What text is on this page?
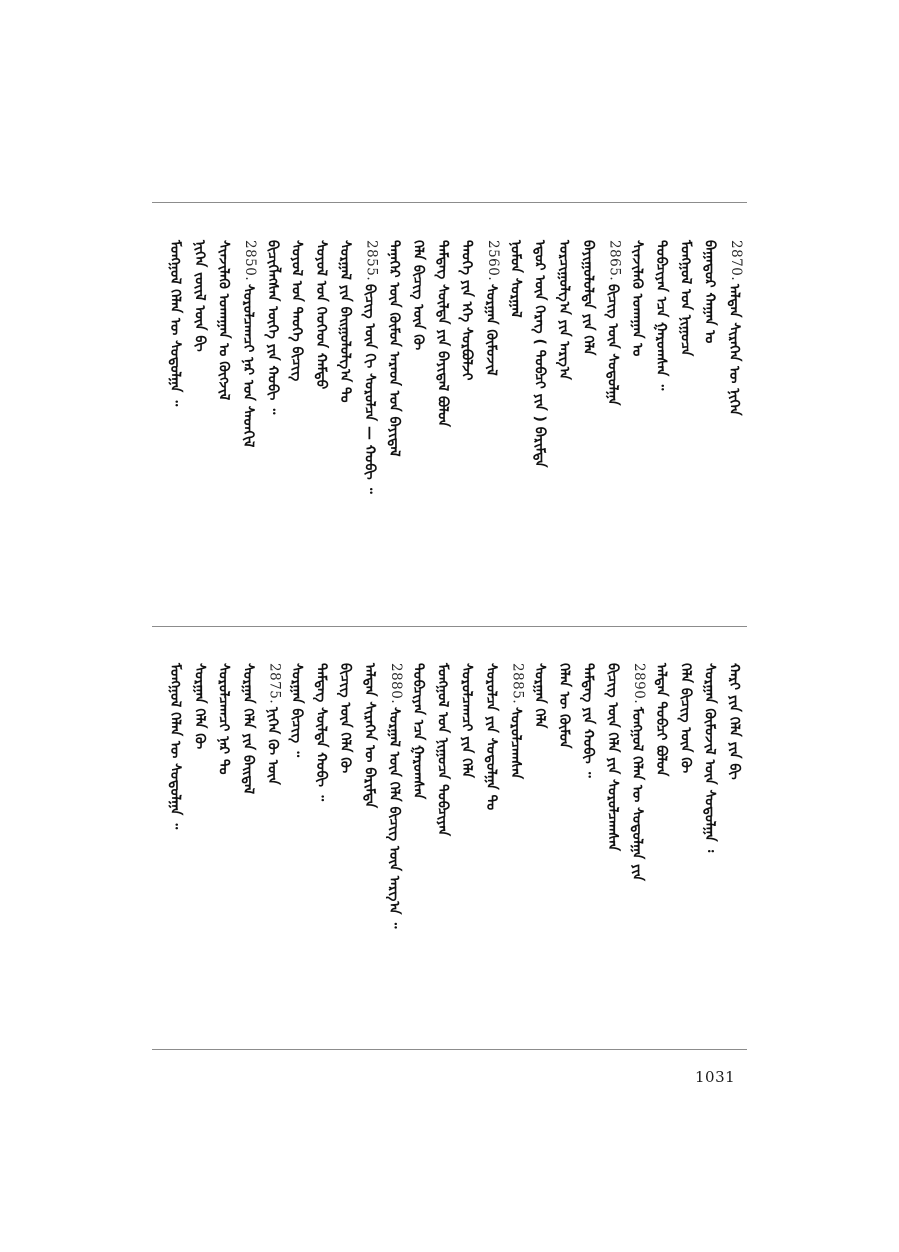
2870.
ᠠᠯᠲᠠᠨ ᠰᠢᠷᠡᠭᠡᠨ ᠦ ᠨᠢᠭᠡᠨ
ᠪᠠᠭᠠᠳᠤᠷ ᠬᠠᠭᠠᠨ ᠤ
ᠮᠣᠩᠭᠣᠯ ᠤᠨ ᠨᠢᠭᠤᠴᠠ
ᠲᠣᠪᠴᠢᠶᠠᠨ ᠡᠴᠡ ᠭᠠᠷᠤᠭᠰᠠᠨ ᠃
ᠰᠢᠨᠵᠢᠯᠡᠬᠦ ᠤᠬᠠᠭᠠᠨ ᠤ
2865.
ᠪᠢᠴᠢᠭ ᠦᠨ ᠰᠤᠳᠤᠯᠭᠠ
ᠪᠠᠶᠢᠭᠤᠯᠤᠯᠲᠠ ᠶᠢᠨ ᠬᠡᠯᠡ
ᠣᠷᠴᠢᠭᠤᠯᠭ᠎ᠠ ᠶᠢᠨ ᠠᠷᠭ᠎ᠠ
ᠡᠳᠦᠷ ᠦᠨ ᠬᠡᠷᠡᠭ ( ᠲᠣᠪᠴᠢ ᠶᠢᠨ ) ᠪᠠᠷᠢᠮᠲᠠ
ᠨᠣᠮᠤᠨ ᠰᠤᠷᠭᠠᠯ
2560.
ᠰᠤᠷᠭᠠᠨ ᠬᠦᠮᠦᠵᠢᠯ
ᠲᠡᠦᠬᠡ ᠶᠢᠨ ᠡᠬᠡ ᠰᠤᠷᠪᠤᠯᠵᠢ
ᠲᠡᠮᠳᠡᠭ ᠰᠦᠯᠳᠡ ᠶᠢᠨ ᠪᠠᠶᠢᠳᠠᠯ ᠪᠣᠯᠤᠨ
ᠬᠡᠯᠡ ᠪᠢᠴᠢᠭ ᠦᠨ ᠬᠦ
ᠲᠡᠨᠡᠭᠡᠷ ᠦᠨ ᠬᠦᠮᠦᠨ ᠠᠷᠠᠳ ᠤᠨ ᠪᠠᠶᠢᠳᠠᠯ
2855.
ᠪᠢᠴᠢᠭ ᠦᠨ ᠬᠢ ᠰᠤᠷᠤᠯᠴᠠ — ᠬᠤᠪᠢ ᠃
ᠰᠤᠷᠭᠠᠯ ᠶᠢᠨ ᠪᠠᠢᠭᠤᠯᠤᠯᠭ᠎ᠠ ᠲᠤ
ᠰᠤᠶᠤᠯ ᠤᠨ ᠬᠡᠦᠬᠡᠳ ᠬᠠᠮᠲᠤ
ᠰᠣᠶᠣᠯ ᠤᠨ ᠲᠡᠦᠬᠡ ᠪᠢᠴᠢᠭ
ᠪᠢᠴᠢᠭᠯᠡᠭᠰᠡᠨ ᠦᠭᠡ ᠶᠢᠨ ᠬᠤᠪᠢ ᠃
2850.
ᠰᠤᠷᠤᠯᠴᠠᠭᠴᠢ ᠨᠠᠷ ᠤᠨ ᠰᠡᠳᠬᠢᠯ
ᠰᠢᠨᠵᠢᠯᠡᠬᠦ ᠤᠬᠠᠭᠠᠨ ᠤ ᠬᠥᠭᠵᠢᠯ
ᠨᠢᠭᠡᠨ ᠵᠦᠢᠯ ᠦᠨ ᠪᠢ
ᠮᠣᠩᠭᠣᠯ ᠬᠡᠯᠡᠨ ᠦ ᠰᠤᠳᠤᠯᠭᠠ ᠃
ᠬᠠᠷᠢ ᠶᠢᠨ ᠬᠡᠯᠡ ᠶᠢᠨ ᠪᠢ
ᠰᠤᠷᠭᠠᠨ ᠬᠦᠮᠦᠵᠢᠯ ᠦᠨ ᠰᠤᠳᠤᠯᠭᠠ ᠄
ᠬᠡᠯᠡ ᠪᠢᠴᠢᠭ ᠦᠨ ᠬᠦ
ᠠᠯᠲᠠᠨ ᠲᠣᠪᠴᠢ ᠪᠣᠯᠤᠨ
2890.
ᠮᠣᠩᠭᠣᠯ ᠬᠡᠯᠡᠨ ᠦ ᠰᠤᠳᠤᠯᠭᠠ ᠶᠢᠨ
ᠪᠢᠴᠢᠭ ᠦᠨ ᠬᠡᠯᠡ ᠶᠢᠨ ᠰᠤᠷᠤᠯᠴᠠᠭᠰᠠᠨ
ᠲᠡᠮᠳᠡᠭ ᠶᠢᠨ ᠬᠤᠪᠢ ᠃
ᠬᠡᠯᠡᠨ ᠦ ᠬᠦᠮᠦᠨ
ᠰᠤᠷᠭᠠᠨ ᠬᠡᠯᠡ
2885.
ᠰᠤᠷᠤᠯᠴᠠᠭᠰᠠᠨ
ᠰᠤᠷᠤᠯᠴᠠ ᠶᠢᠨ ᠰᠤᠳᠤᠯᠭᠠ ᠲᠤ
ᠰᠤᠷᠤᠯᠴᠠᠭᠴᠢ ᠶᠢᠨ ᠬᠡᠯᠡ
ᠮᠣᠩᠭᠣᠯ ᠤᠨ ᠨᠢᠭᠤᠴᠠ ᠲᠣᠪᠴᠢᠶᠠᠨ
ᠲᠣᠪᠴᠢᠶᠠᠨ ᠡᠴᠡ ᠭᠠᠷᠤᠭᠰᠠᠨ
2880.
ᠰᠤᠷᠭᠠᠯ ᠦᠨ ᠬᠡᠯᠡ ᠪᠢᠴᠢᠭ ᠦᠨ ᠠᠷᠭ᠎ᠠ ᠃
ᠠᠯᠲᠠᠨ ᠰᠢᠷᠡᠭᠡᠨ ᠦ ᠪᠠᠷᠢᠮᠲᠠ
ᠪᠢᠴᠢᠭ ᠦᠨ ᠬᠡᠯᠡ ᠬᠦ
ᠲᠡᠮᠳᠡᠭ ᠰᠦᠯᠳᠡ ᠬᠤᠪᠢ ᠃
ᠰᠤᠷᠭᠠᠨ ᠪᠢᠴᠢᠭ ᠃
2875.
ᠨᠢᠭᠡᠨ ᠬᠦ ᠦᠨ
ᠰᠤᠷᠭᠠᠨ ᠬᠡᠯᠡ ᠶᠢᠨ ᠪᠠᠢᠳᠠᠯ
ᠰᠤᠷᠤᠯᠴᠠᠭᠴᠢ ᠨᠠᠷ ᠲᠤ
ᠰᠤᠷᠭᠠᠨ ᠬᠡᠯᠡ ᠬᠦ
ᠮᠣᠩᠭᠣᠯ ᠬᠡᠯᠡᠨ ᠦ ᠰᠤᠳᠤᠯᠭᠠ ᠃
1031
